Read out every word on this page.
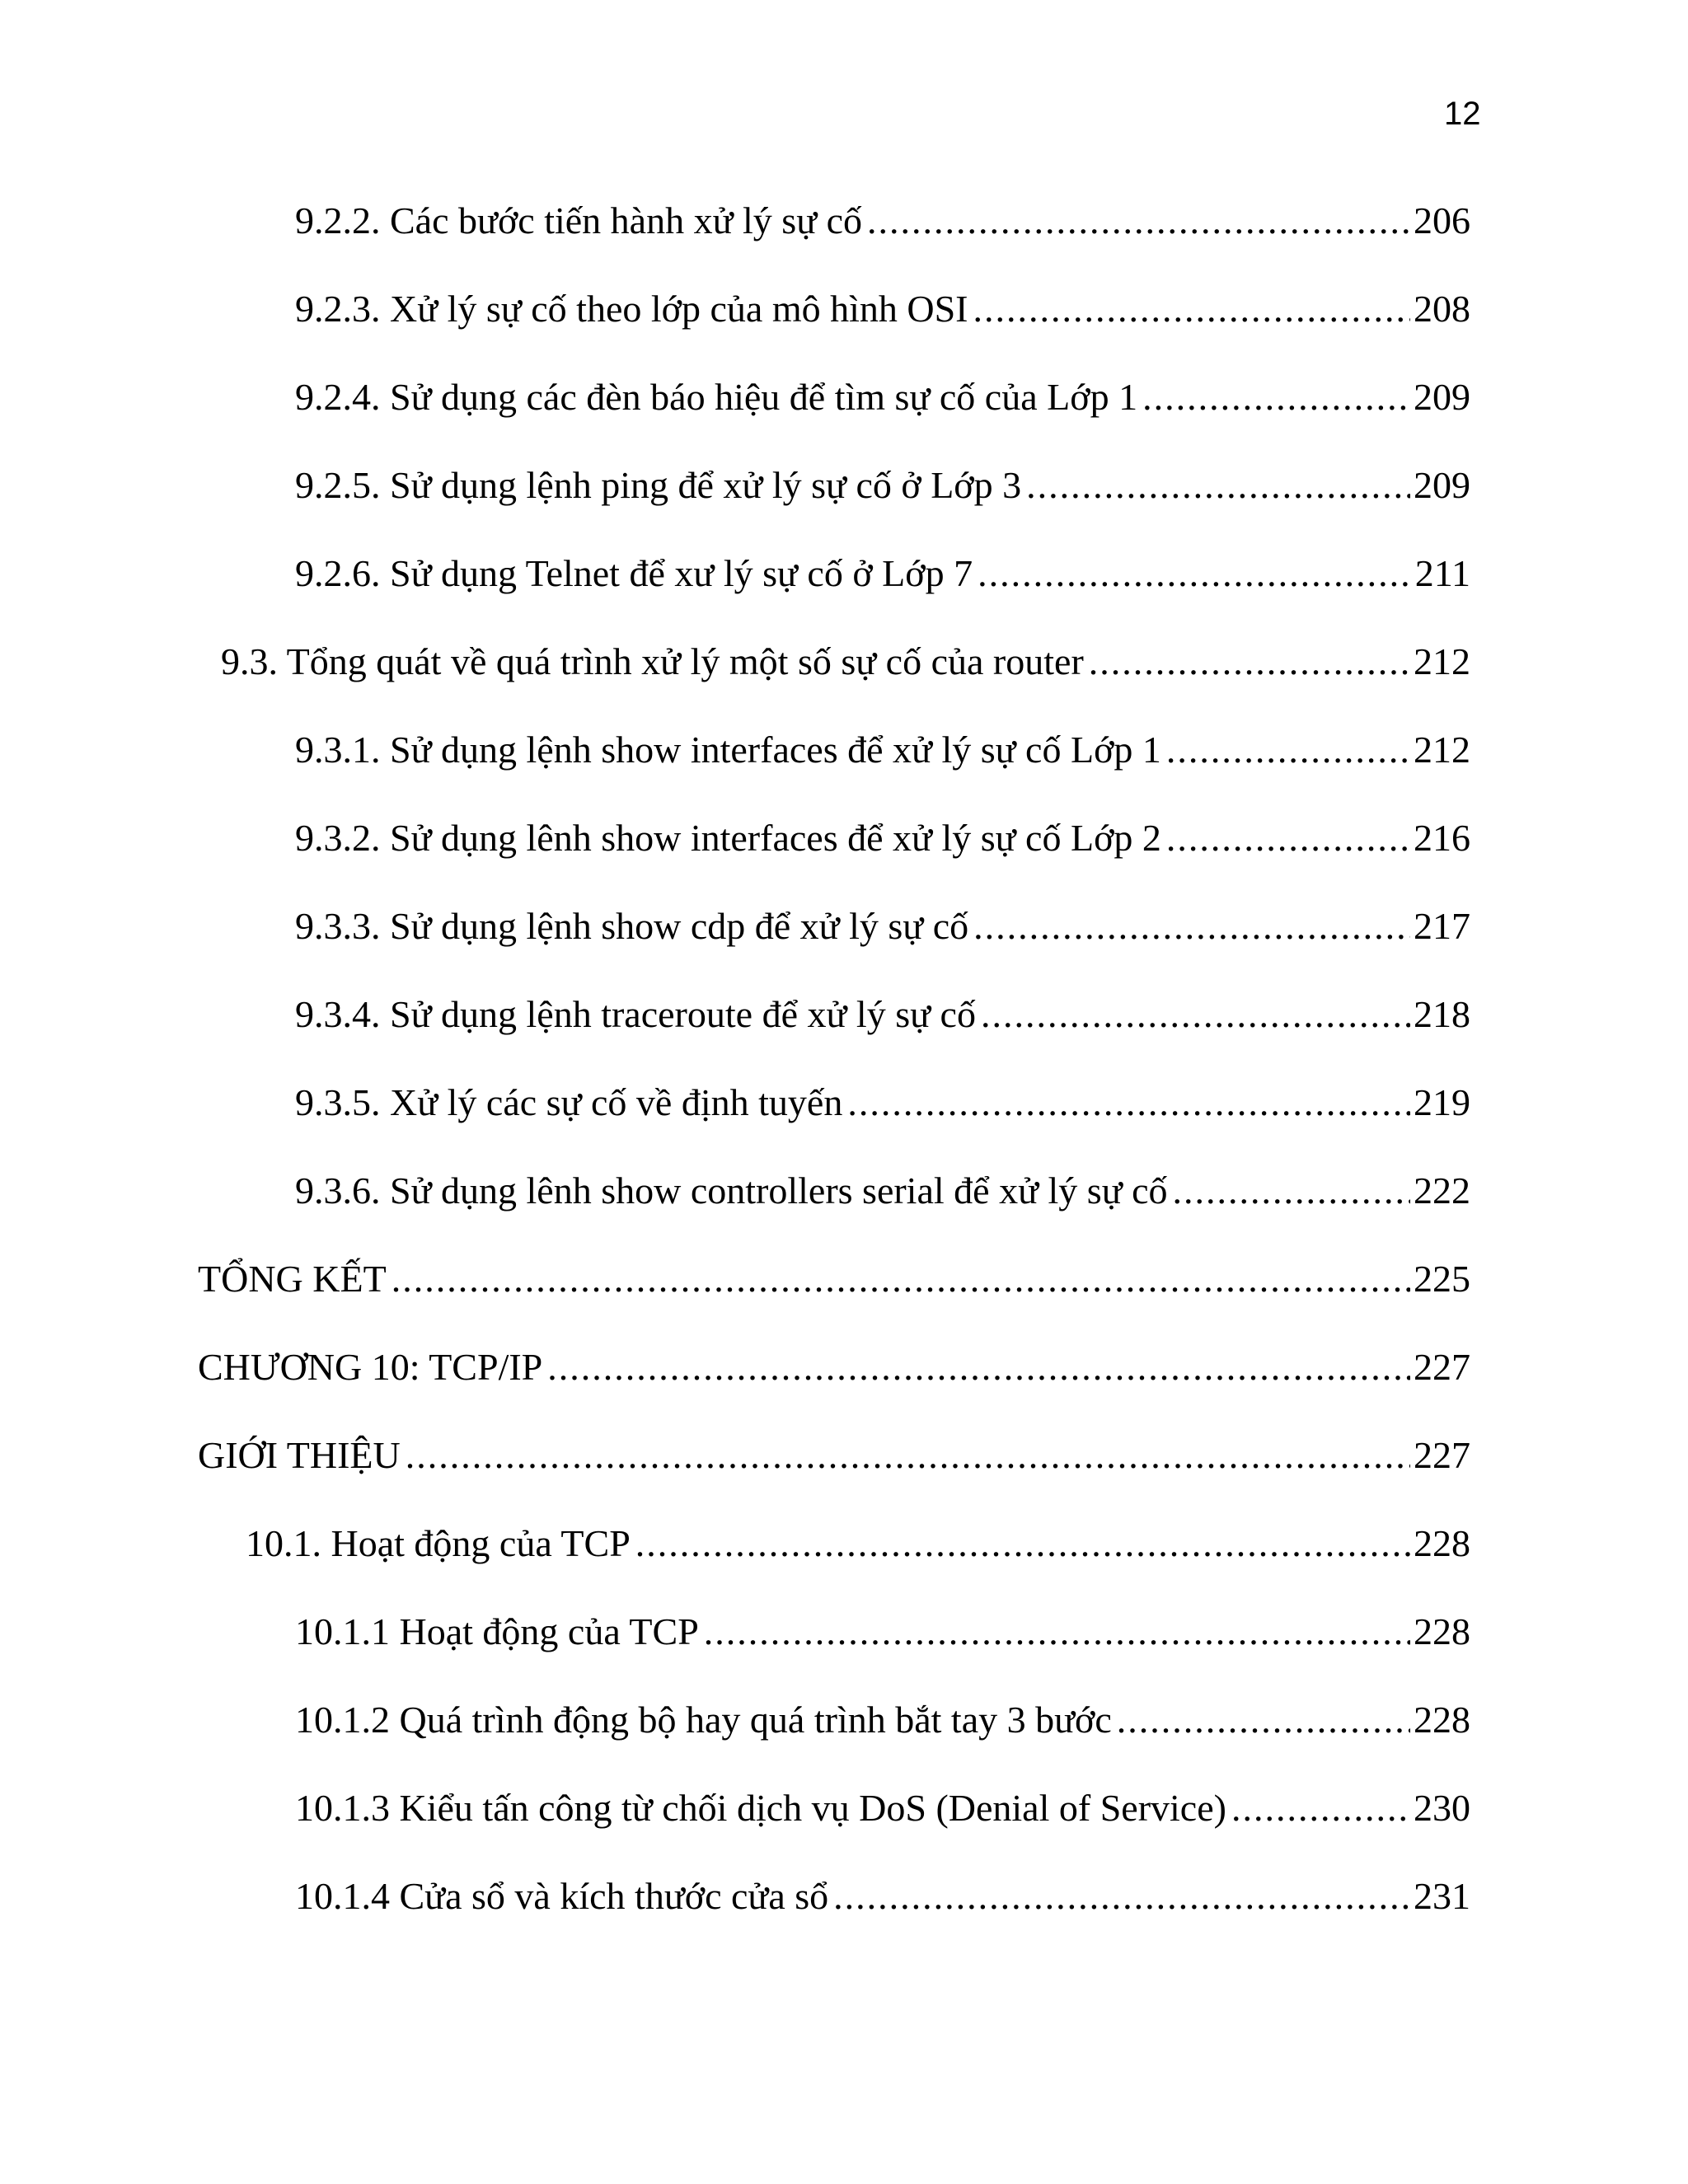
12
9.2.2. Các bước tiến hành xử lý sự cố .....	206
9.2.3. Xử lý sự cố theo lớp của mô hình OSI .....	208
9.2.4. Sử dụng các đèn báo hiệu để tìm sự cố của Lớp 1 .....	209
9.2.5. Sử dụng lệnh ping để xử lý sự cố ở Lớp 3 .....	209
9.2.6. Sử dụng Telnet để xư lý sự cố ở Lớp 7 .....	211
9.3. Tổng quát về quá trình xử lý một số sự cố của router .....	212
9.3.1. Sử dụng lệnh show interfaces để xử lý sự cố Lớp 1 .....	212
9.3.2. Sử dụng lênh show interfaces để xử lý sự cố Lớp 2 .....	216
9.3.3. Sử dụng lệnh show cdp để xử lý sự cố .....	217
9.3.4. Sử dụng lệnh traceroute để xử lý sự cố .....	218
9.3.5. Xử lý các sự cố về định tuyến .....	219
9.3.6. Sử dụng lênh show controllers serial để xử lý sự cố .....	222
TỔNG KẾT .....	225
CHƯƠNG 10: TCP/IP .....	227
GIỚI THIỆU .....	227
10.1. Hoạt động của TCP .....	228
10.1.1 Hoạt động của TCP .....	228
10.1.2 Quá trình động bộ hay quá trình bắt tay 3 bước .....	228
10.1.3 Kiểu tấn công từ chối dịch vụ DoS (Denial of Service) .....	230
10.1.4 Cửa sổ và kích thước cửa sổ .....	231
